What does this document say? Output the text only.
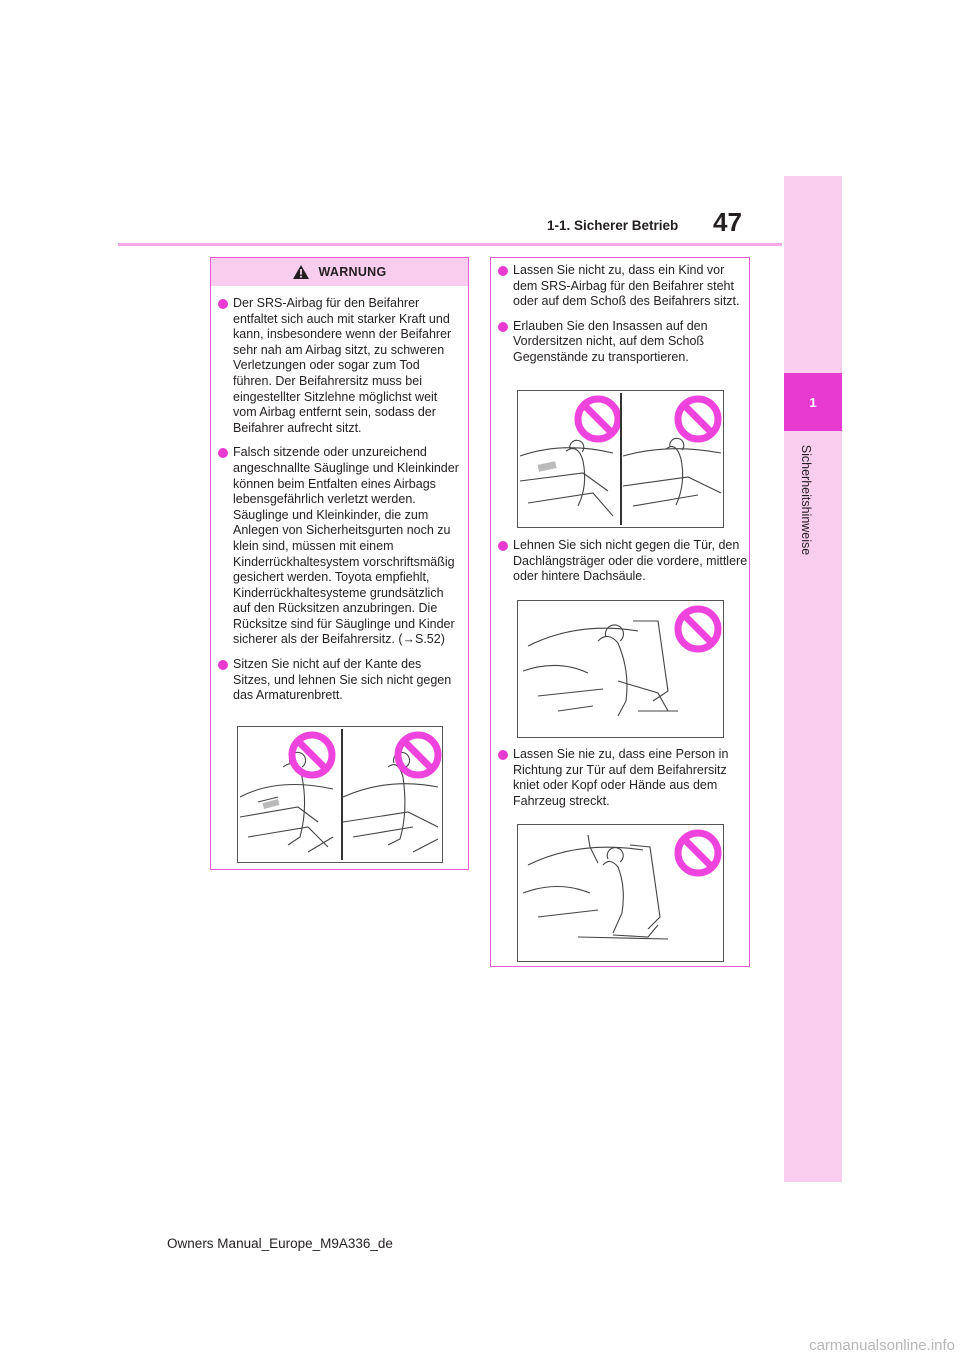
47
1-1. Sicherer Betrieb
1
Sicherheitshinweise
WARNUNG
Der SRS-Airbag für den Beifahrer entfaltet sich auch mit starker Kraft und kann, insbesondere wenn der Beifahrer sehr nah am Airbag sitzt, zu schweren Verletzungen oder sogar zum Tod führen. Der Beifahrersitz muss bei eingestellter Sitzlehne möglichst weit vom Airbag entfernt sein, sodass der Beifahrer aufrecht sitzt.
Falsch sitzende oder unzureichend angeschnallte Säuglinge und Kleinkinder können beim Entfalten eines Airbags lebensgefährlich verletzt werden. Säuglinge und Kleinkinder, die zum Anlegen von Sicherheitsgurten noch zu klein sind, müssen mit einem Kinderrückhaltesystem vorschriftsmäßig gesichert werden. Toyota empfiehlt, Kinderrückhaltesysteme grundsätzlich auf den Rücksitzen anzubringen. Die Rücksitze sind für Säuglinge und Kinder sicherer als der Beifahrersitz. (→S.52)
Sitzen Sie nicht auf der Kante des Sitzes, und lehnen Sie sich nicht gegen das Armaturenbrett.
Lassen Sie nicht zu, dass ein Kind vor dem SRS-Airbag für den Beifahrer steht oder auf dem Schoß des Beifahrers sitzt.
Erlauben Sie den Insassen auf den Vordersitzen nicht, auf dem Schoß Gegenstände zu transportieren.
Lehnen Sie sich nicht gegen die Tür, den Dachlängsträger oder die vordere, mittlere oder hintere Dachsäule.
Lassen Sie nie zu, dass eine Person in Richtung zur Tür auf dem Beifahrersitz kniet oder Kopf oder Hände aus dem Fahrzeug streckt.
Owners Manual_Europe_M9A336_de
carmanualsonline.info
